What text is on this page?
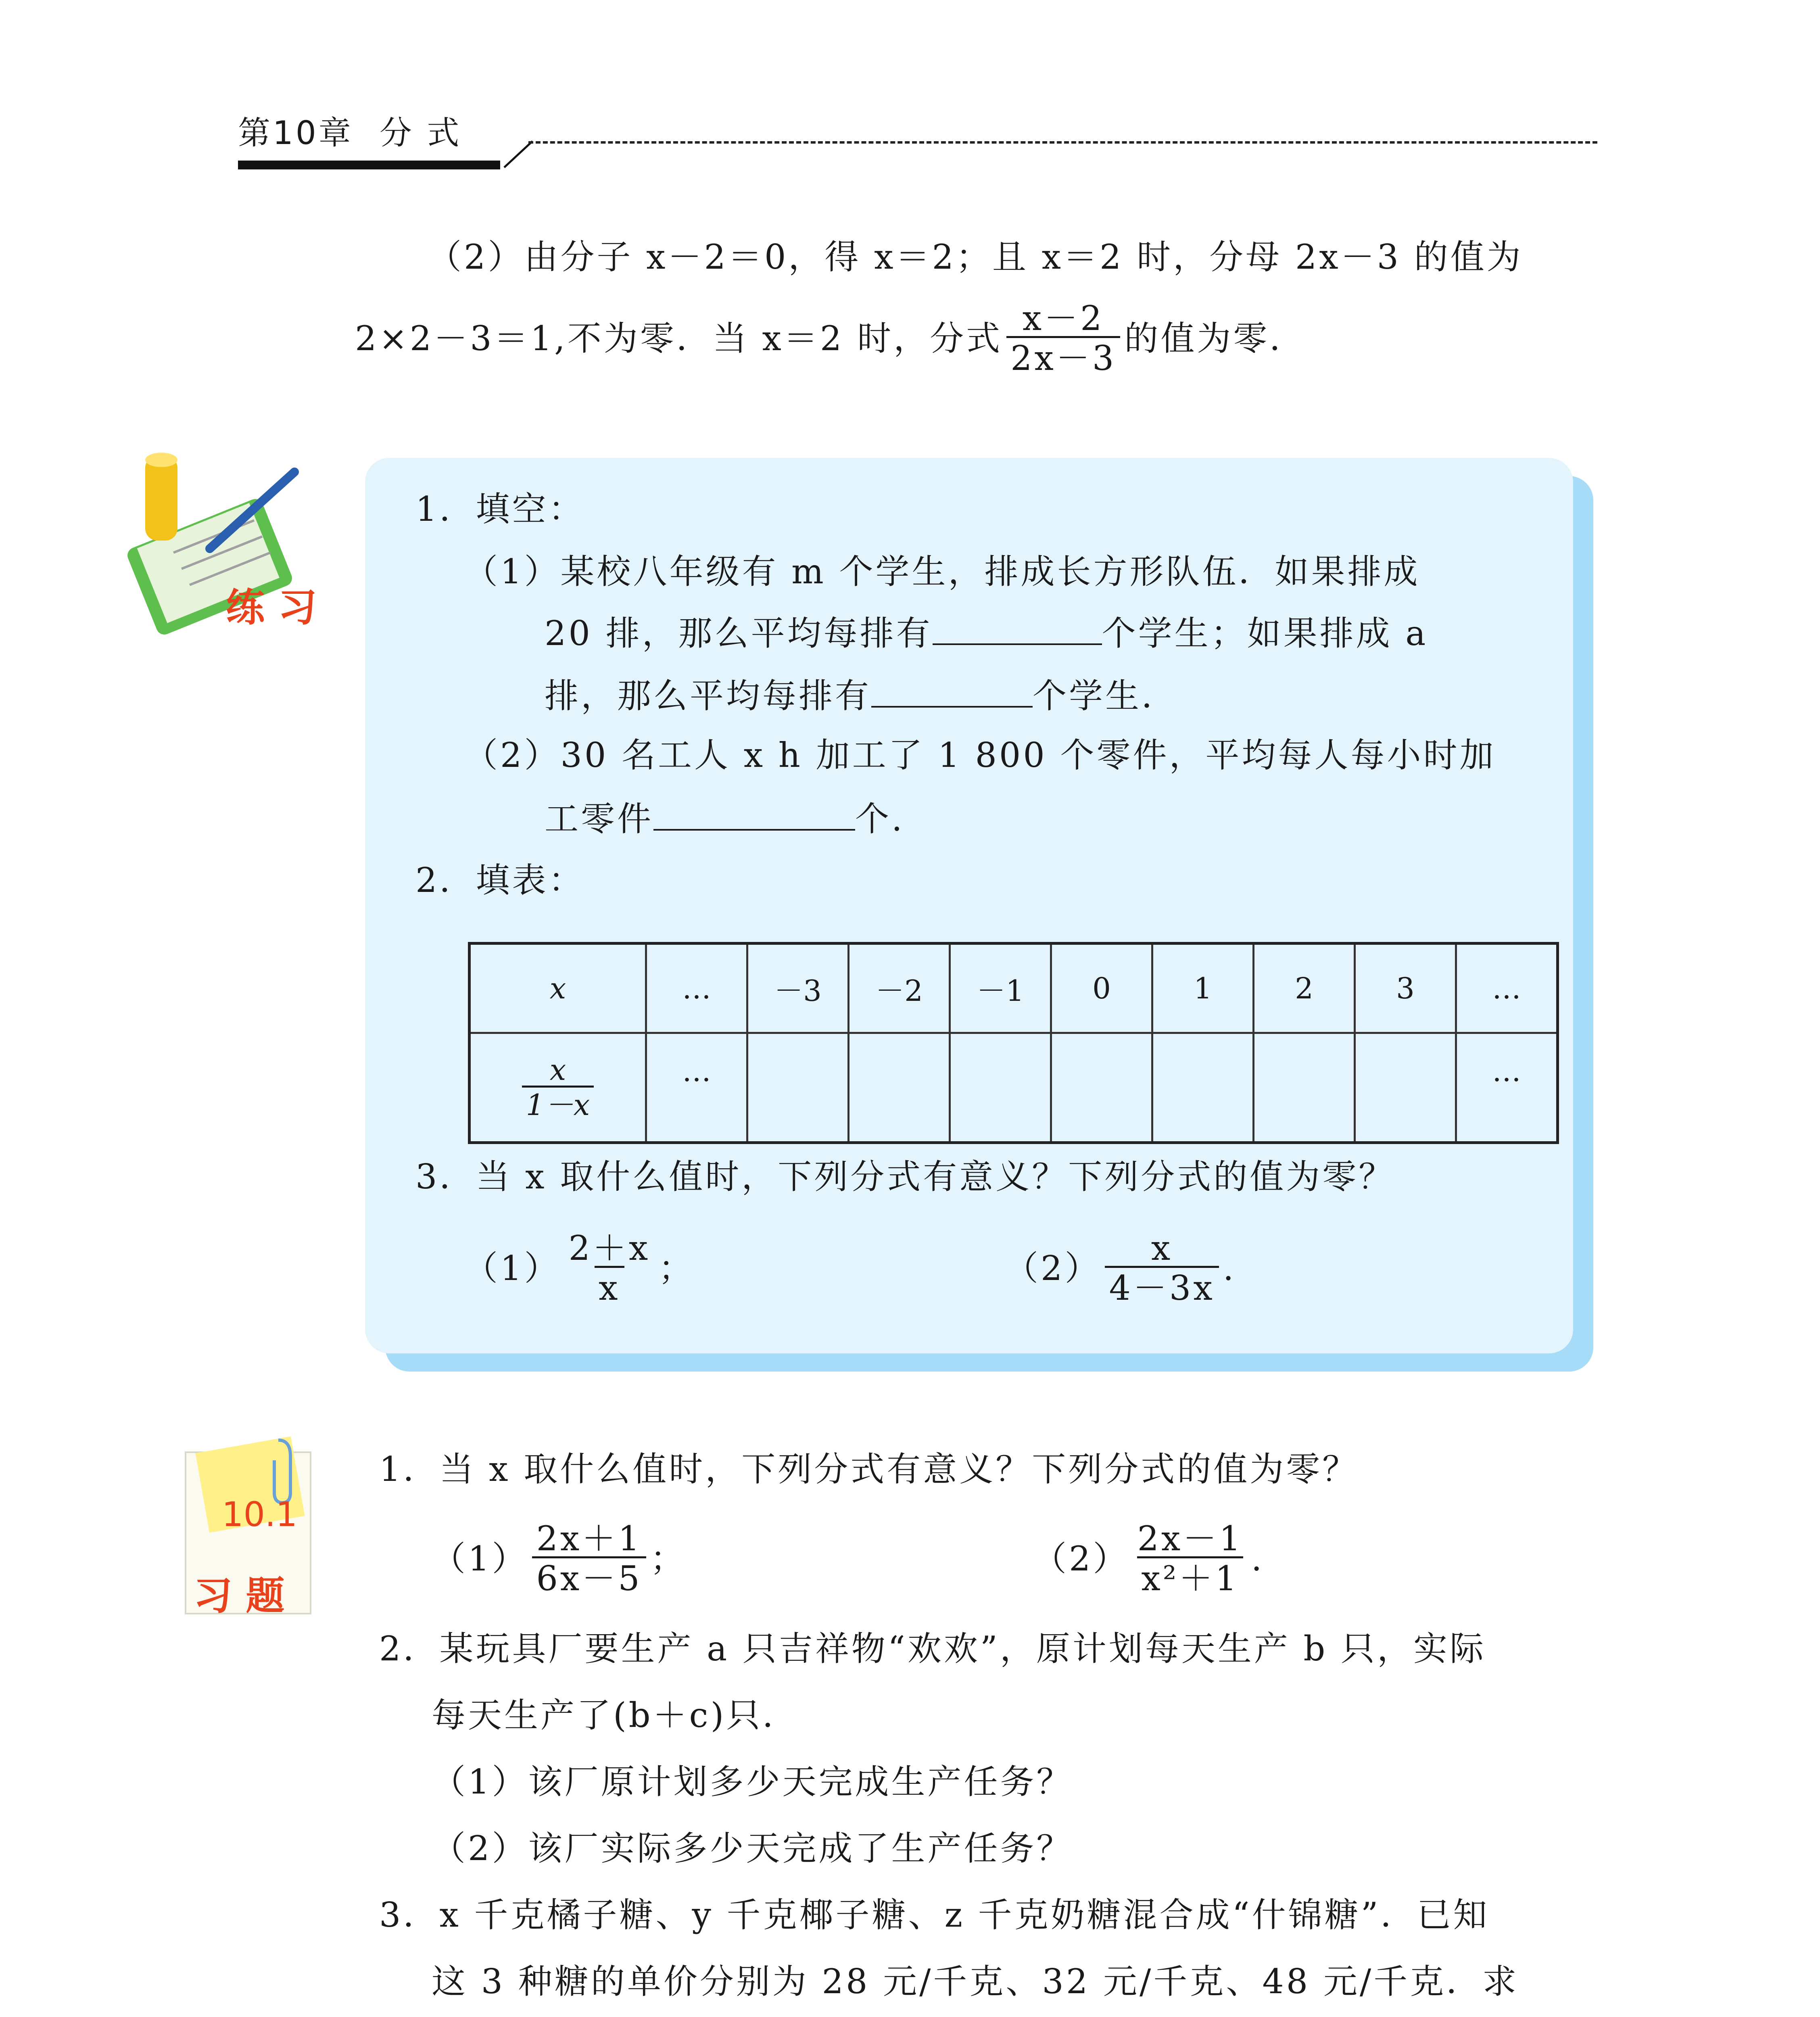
第10章 分 式
（2）由分子 x－2＝0，得 x＝2；且 x＝2 时，分母 2x－3 的值为
2×2－3＝1,不为零．当 x＝2 时，分式 $\frac{x-2}{2x-3}$ 的值为零．
练 习
1．填空：
（1）某校八年级有 m 个学生，排成长方形队伍．如果排成
20 排，那么平均每排有	个学生；如果排成 a
排，那么平均每排有	个学生．
（2）30 名工人 x h 加工了 1 800 个零件，平均每人每小时加
工零件	个.
2．填表：
x	…	－3	－2	－1	0	1	2	3	…

$\frac{x}{1-x}$	…								…
3．当 x 取什么值时，下列分式有意义？下列分式的值为零？
$(1) \frac{2+x}{x}$ ；	$(2) \frac{x}{4-3x}$ .
10.1
习 题
1．当 x 取什么值时，下列分式有意义？下列分式的值为零？
$(1) \frac{2x+1}{6x-5}$ ；	$(2) \frac{2x-1}{\text{x²＋1}}$ .
2．某玩具厂要生产 a 只吉祥物“欢欢”，原计划每天生产 b 只，实际
每天生产了(b＋c)只．
（1）该厂原计划多少天完成生产任务？
（2）该厂实际多少天完成了生产任务？
3．x 千克橘子糖、y 千克椰子糖、z 千克奶糖混合成“什锦糖”．已知
这 3 种糖的单价分别为 28 元/千克、32 元/千克、48 元/千克．求
